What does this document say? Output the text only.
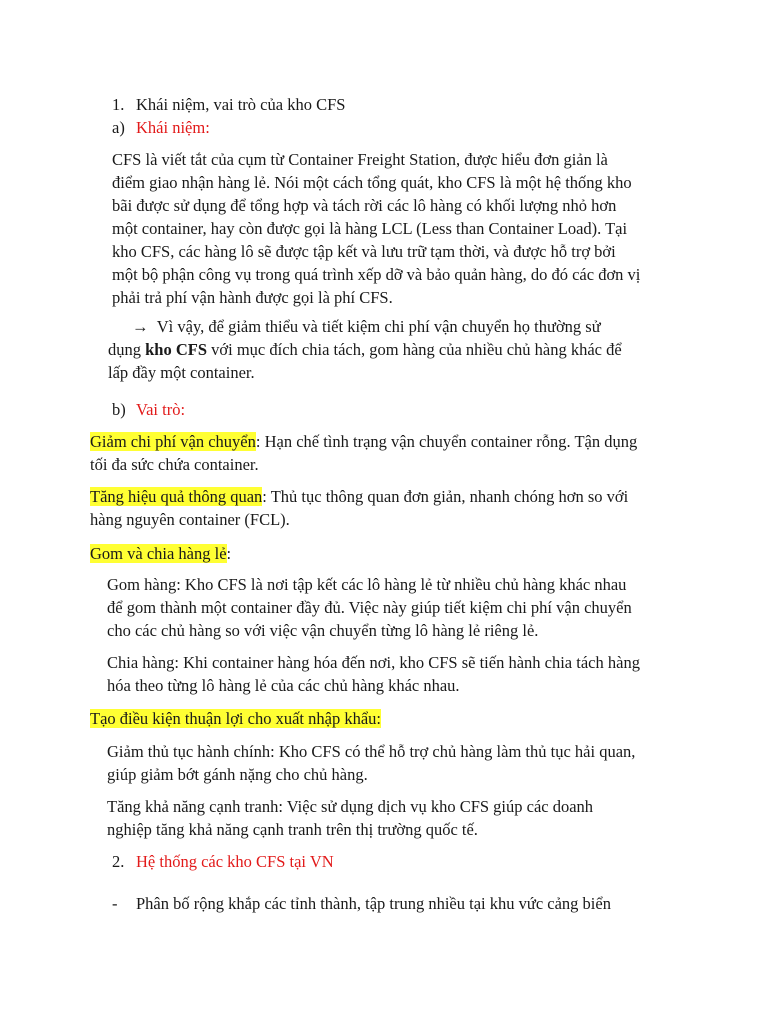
1. Khái niệm, vai trò của kho CFS
a) Khái niệm:
CFS là viết tắt của cụm từ Container Freight Station, được hiểu đơn giản là
điểm giao nhận hàng lẻ. Nói một cách tổng quát, kho CFS là một hệ thống kho
bãi được sử dụng để tổng hợp và tách rời các lô hàng có khối lượng nhỏ hơn
một container, hay còn được gọi là hàng LCL (Less than Container Load). Tại
kho CFS, các hàng lô sẽ được tập kết và lưu trữ tạm thời, và được hỗ trợ bởi
một bộ phận công vụ trong quá trình xếp dỡ và bảo quản hàng, do đó các đơn vị
phải trả phí vận hành được gọi là phí CFS.
→ Vì vậy, để giảm thiểu và tiết kiệm chi phí vận chuyển họ thường sử
dụng kho CFS với mục đích chia tách, gom hàng của nhiều chủ hàng khác để
lấp đầy một container.
b) Vai trò:
Giảm chi phí vận chuyển: Hạn chế tình trạng vận chuyển container rỗng. Tận dụng
tối đa sức chứa container.
Tăng hiệu quả thông quan: Thủ tục thông quan đơn giản, nhanh chóng hơn so với
hàng nguyên container (FCL).
Gom và chia hàng lẻ:
Gom hàng: Kho CFS là nơi tập kết các lô hàng lẻ từ nhiều chủ hàng khác nhau
để gom thành một container đầy đủ. Việc này giúp tiết kiệm chi phí vận chuyển
cho các chủ hàng so với việc vận chuyển từng lô hàng lẻ riêng lẻ.
Chia hàng: Khi container hàng hóa đến nơi, kho CFS sẽ tiến hành chia tách hàng
hóa theo từng lô hàng lẻ của các chủ hàng khác nhau.
Tạo điều kiện thuận lợi cho xuất nhập khẩu:
Giảm thủ tục hành chính: Kho CFS có thể hỗ trợ chủ hàng làm thủ tục hải quan,
giúp giảm bớt gánh nặng cho chủ hàng.
Tăng khả năng cạnh tranh: Việc sử dụng dịch vụ kho CFS giúp các doanh
nghiệp tăng khả năng cạnh tranh trên thị trường quốc tế.
2. Hệ thống các kho CFS tại VN
- Phân bố rộng khắp các tỉnh thành, tập trung nhiều tại khu vức cảng biển
